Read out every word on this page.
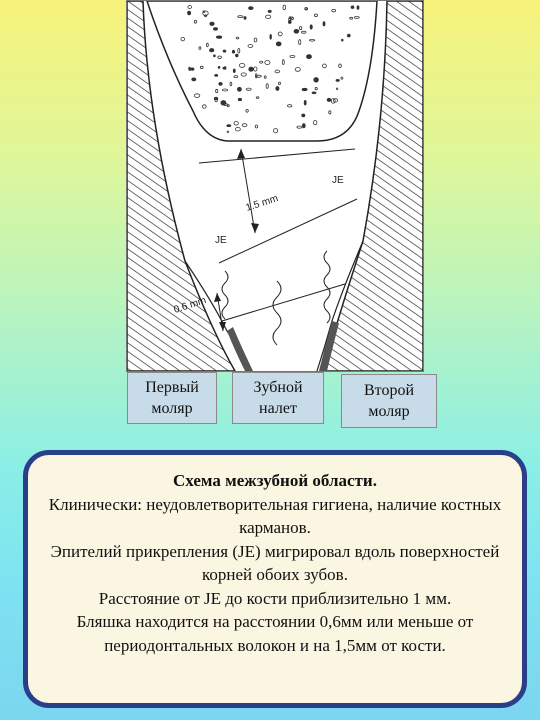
JE
JE
1.5 mm
0.6 mm
Первый
моляр
Зубной
налет
Второй
моляр
Схема межзубной области.
Клинически: неудовлетворительная гигиена, наличие костных карманов.
Эпителий прикрепления (JE) мигрировал вдоль поверхностей корней обоих зубов.
Расстояние от JE до кости приблизительно 1 мм.
Бляшка находится на расстоянии 0,6мм или меньше от периодонтальных волокон и на 1,5мм от кости.
